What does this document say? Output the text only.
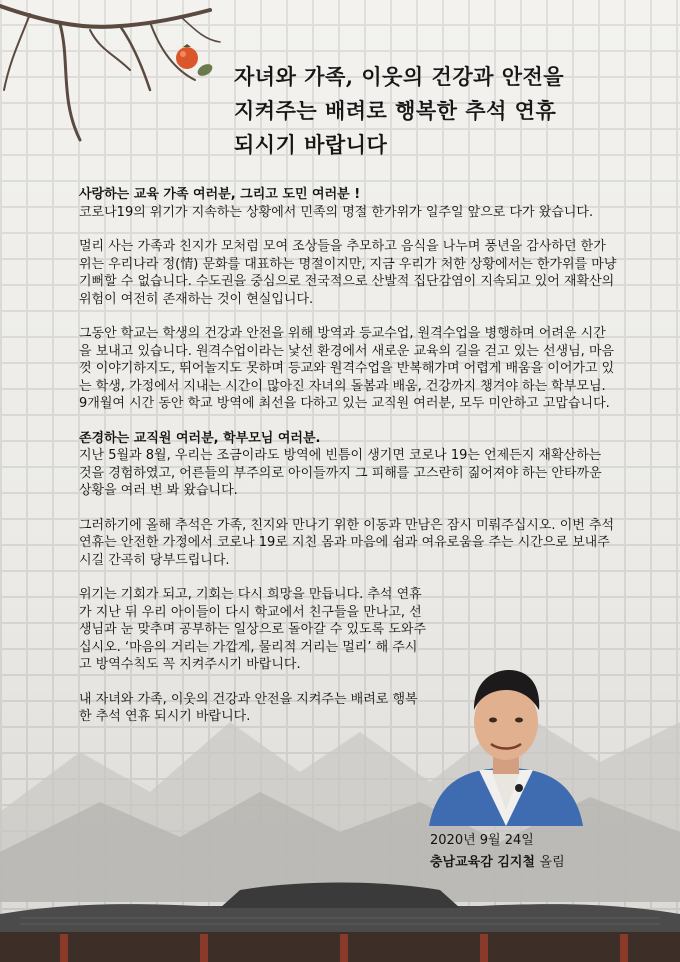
자녀와 가족, 이웃의 건강과 안전을
지켜주는 배려로 행복한 추석 연휴
되시기 바랍니다

사랑하는 교육 가족 여러분, 그리고 도민 여러분 !

코로나19의 위기가 지속하는 상황에서 민족의 명절 한가위가 일주일 앞으로 다가 왔습니다.

멀리 사는 가족과 친지가 모처럼 모여 조상들을 추모하고 음식을 나누며 풍년을 감사하던 한가위는 우리나라 정(情) 문화를 대표하는 명절이지만, 지금 우리가 처한 상황에서는 한가위를 마냥 기뻐할 수 없습니다. 수도권을 중심으로 전국적으로 산발적 집단감염이 지속되고 있어 재확산의 위험이 여전히 존재하는 것이 현실입니다.

그동안 학교는 학생의 건강과 안전을 위해 방역과 등교수업, 원격수업을 병행하며 어려운 시간을 보내고 있습니다. 원격수업이라는 낯선 환경에서 새로운 교육의 길을 걷고 있는 선생님, 마음껏 이야기하지도, 뛰어놀지도 못하며 등교와 원격수업을 반복해가며 어렵게 배움을 이어가고 있는 학생, 가정에서 지내는 시간이 많아진 자녀의 돌봄과 배움, 건강까지 챙겨야 하는 학부모님. 9개월여 시간 동안 학교 방역에 최선을 다하고 있는 교직원 여러분, 모두 미안하고 고맙습니다.

존경하는 교직원 여러분, 학부모님 여러분.

지난 5월과 8월, 우리는 조금이라도 방역에 빈틈이 생기면 코로나 19는 언제든지 재확산하는 것을 경험하였고, 어른들의 부주의로 아이들까지 그 피해를 고스란히 짊어져야 하는 안타까운 상황을 여러 번 봐 왔습니다.

그러하기에 올해 추석은 가족, 친지와 만나기 위한 이동과 만남은 잠시 미뤄주십시오. 이번 추석 연휴는 안전한 가정에서 코로나 19로 지친 몸과 마음에 쉼과 여유로움을 주는 시간으로 보내주시길 간곡히 당부드립니다.

위기는 기회가 되고, 기회는 다시 희망을 만듭니다. 추석 연휴가 지난 뒤 우리 아이들이 다시 학교에서 친구들을 만나고, 선생님과 눈 맞추며 공부하는 일상으로 돌아갈 수 있도록 도와주십시오. ‘마음의 거리는 가깝게, 물리적 거리는 멀리’ 해 주시고 방역수칙도 꼭 지켜주시기 바랍니다.

내 자녀와 가족, 이웃의 건강과 안전을 지켜주는 배려로 행복한 추석 연휴 되시기 바랍니다.

2020년 9월 24일
충남교육감 김지철 올림
